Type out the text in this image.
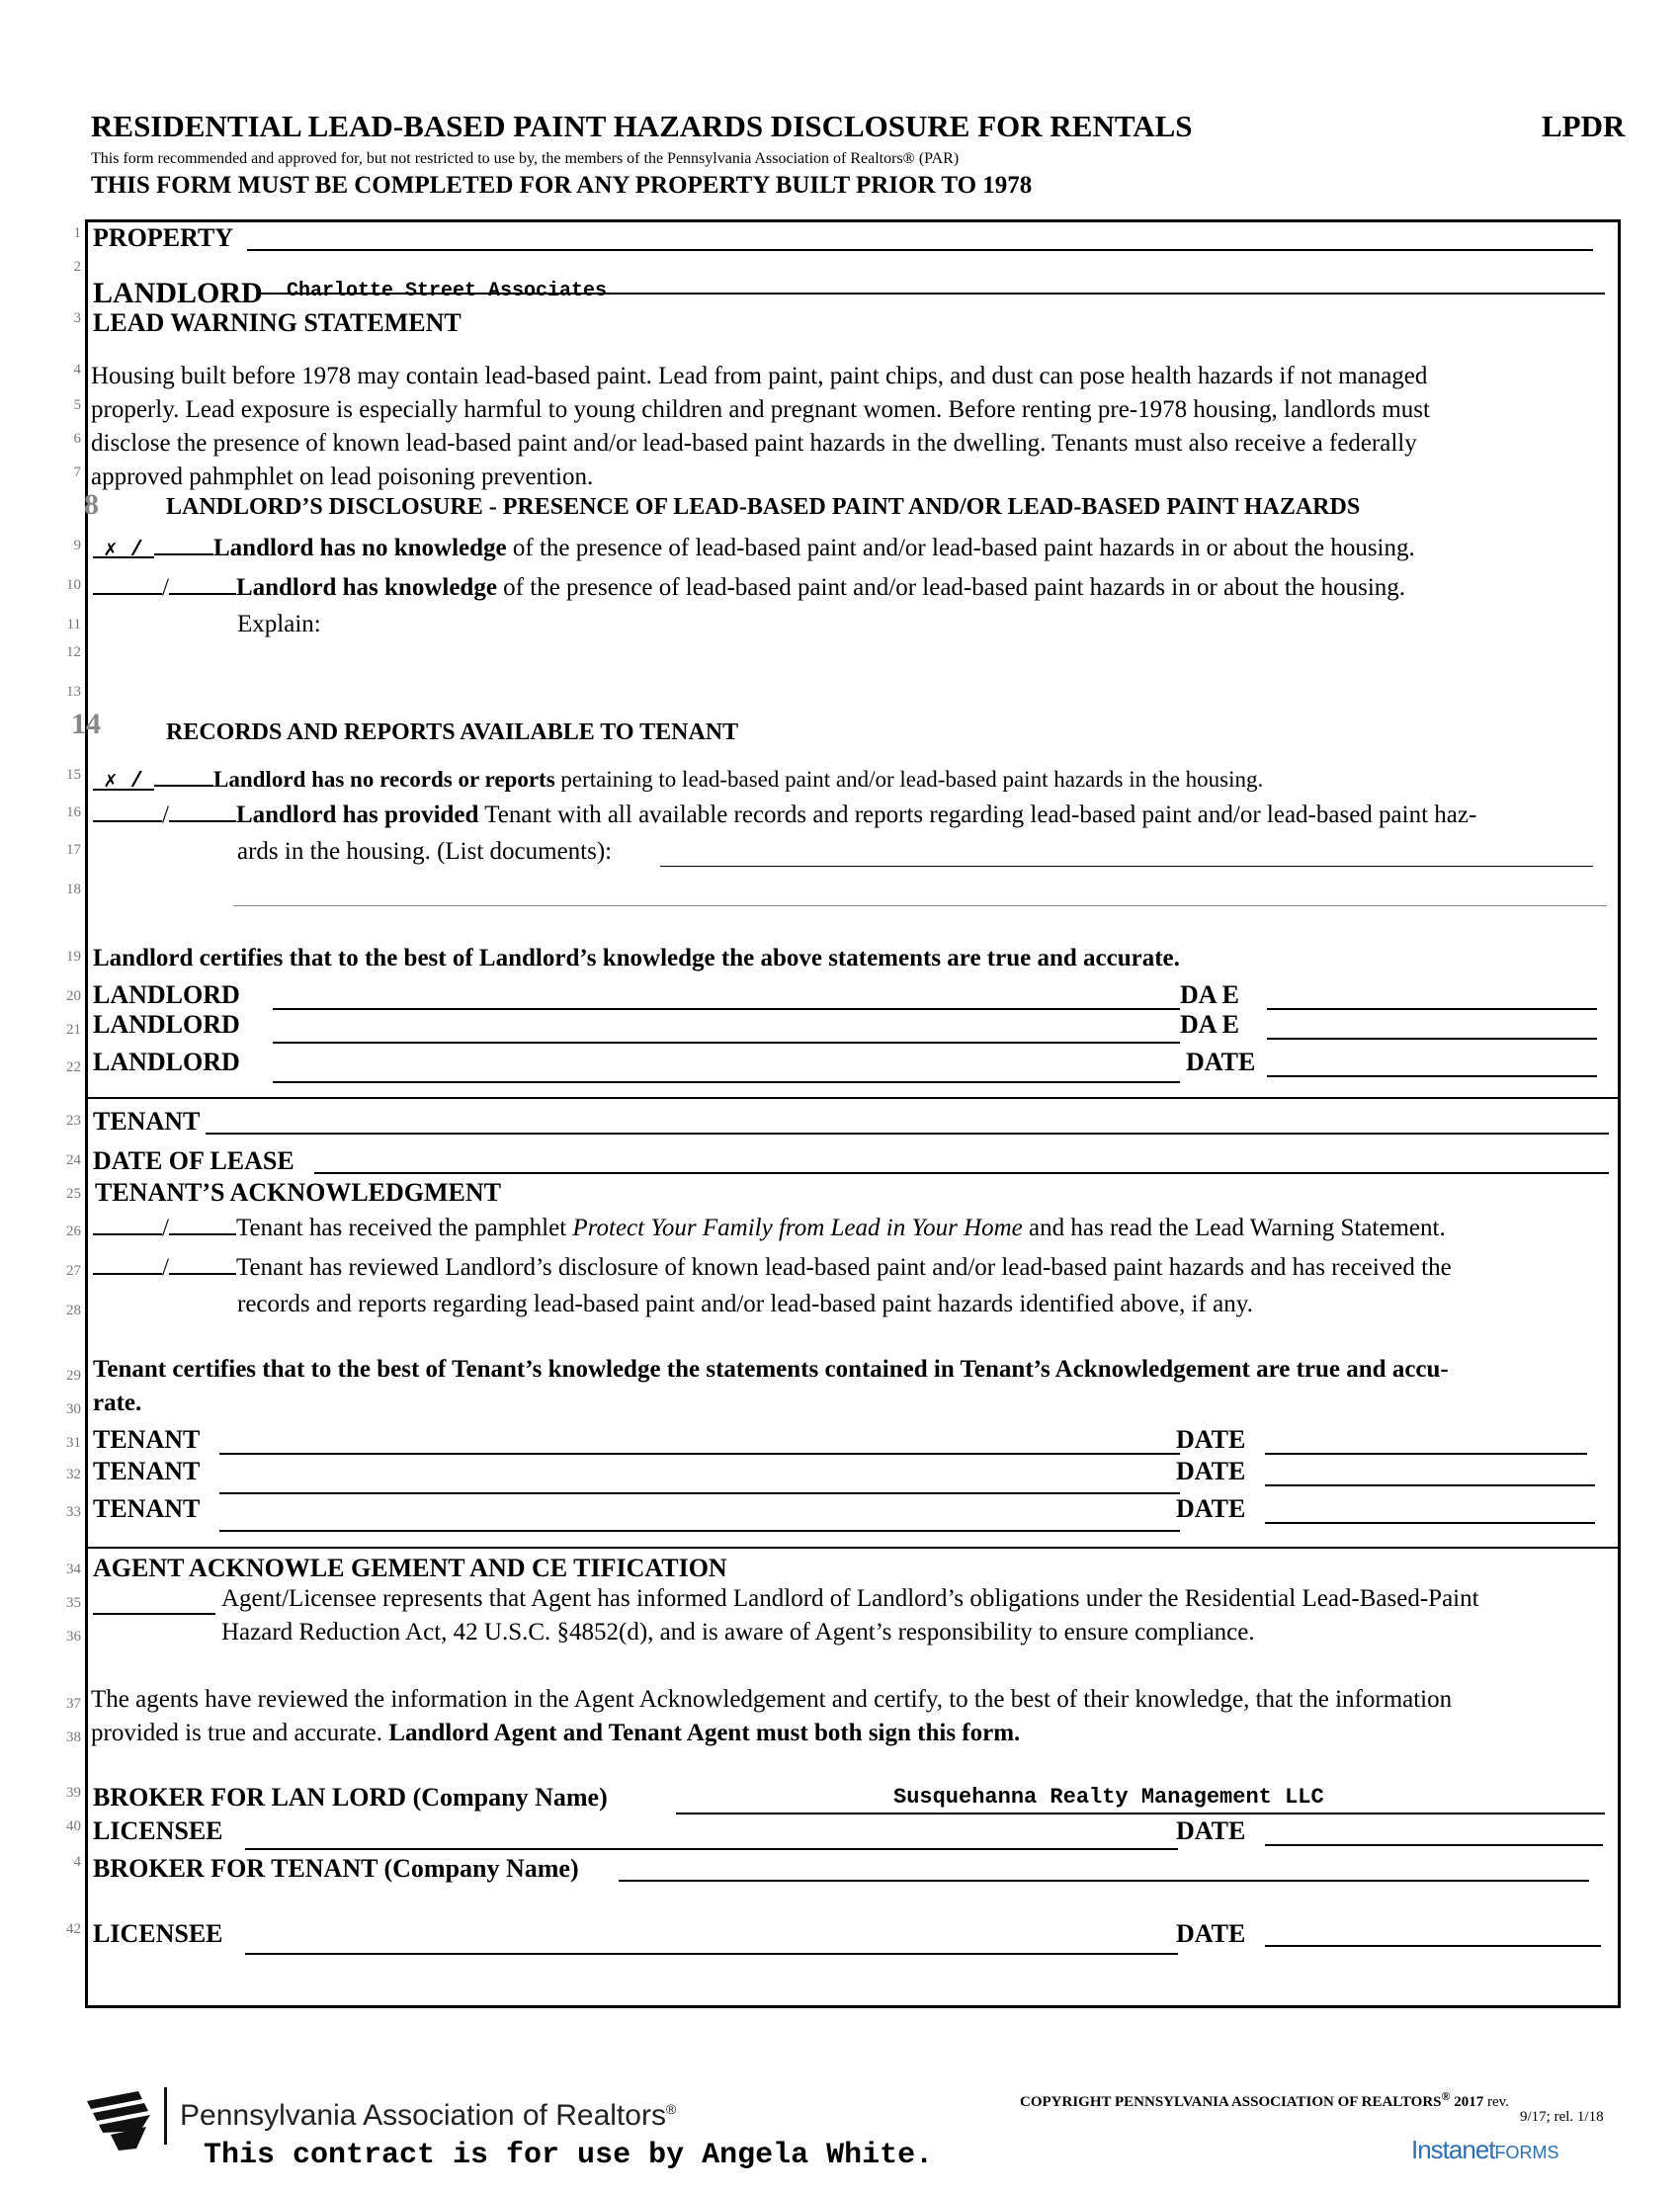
RESIDENTIAL LEAD-BASED PAINT HAZARDS DISCLOSURE FOR RENTALS	LPDR
This form recommended and approved for, but not restricted to use by, the members of the Pennsylvania Association of Realtors® (PAR)
THIS FORM MUST BE COMPLETED FOR ANY PROPERTY BUILT PRIOR TO 1978
1
2
3
4
5
6
7
8
9
10
11
12
13
14
15
16
17
18
19
20
21
22
23
24
25
26
27
28
29
30
31
32
33
34
35
36
37
38
39
40
4
42
PROPERTY
LANDLORD Charlotte Street Associates
LEAD WARNING STATEMENT
Housing built before 1978 may contain lead-based paint. Lead from paint, paint chips, and dust can pose health hazards if not managed
properly. Lead exposure is especially harmful to young children and pregnant women. Before renting pre-1978 housing, landlords must
disclose the presence of known lead-based paint and/or lead-based paint hazards in the dwelling. Tenants must also receive a federally
approved pahmphlet on lead poisoning prevention.
LANDLORD’S DISCLOSURE - PRESENCE OF LEAD-BASED PAINT AND/OR LEAD-BASED PAINT HAZARDS
✗ /	Landlord has no knowledge of the presence of lead-based paint and/or lead-based paint hazards in or about the housing.
/	Landlord has knowledge of the presence of lead-based paint and/or lead-based paint hazards in or about the housing.
Explain:
RECORDS AND REPORTS AVAILABLE TO TENANT
✗ /	Landlord has no records or reports pertaining to lead-based paint and/or lead-based paint hazards in the housing.
/	Landlord has provided Tenant with all available records and reports regarding lead-based paint and/or lead-based paint haz-
ards in the housing. (List documents):
Landlord certifies that to the best of Landlord’s knowledge the above statements are true and accurate.
LANDLORD	DA E
LANDLORD	DA E
LANDLORD	DATE
TENANT
DATE OF LEASE
TENANT’S ACKNOWLEDGMENT
/	Tenant has received the pamphlet Protect Your Family from Lead in Your Home and has read the Lead Warning Statement.
/	Tenant has reviewed Landlord’s disclosure of known lead-based paint and/or lead-based paint hazards and has received the
records and reports regarding lead-based paint and/or lead-based paint hazards identified above, if any.
Tenant certifies that to the best of Tenant’s knowledge the statements contained in Tenant’s Acknowledgement are true and accu-
rate.
TENANT	DATE
TENANT	DATE
TENANT	DATE
AGENT ACKNOWLE GEMENT AND CE TIFICATION
Agent/Licensee represents that Agent has informed Landlord of Landlord’s obligations under the Residential Lead-Based-Paint
Hazard Reduction Act, 42 U.S.C. §4852(d), and is aware of Agent’s responsibility to ensure compliance.
The agents have reviewed the information in the Agent Acknowledgement and certify, to the best of their knowledge, that the information
provided is true and accurate. Landlord Agent and Tenant Agent must both sign this form.
BROKER FOR LAN LORD (Company Name)	Susquehanna Realty Management LLC
LICENSEE	DATE
BROKER FOR TENANT (Company Name)
LICENSEE	DATE
Pennsylvania Association of Realtors®
This contract is for use by Angela White.
COPYRIGHT PENNSYLVANIA ASSOCIATION OF REALTORS® 2017 rev.
9/17; rel. 1/18
InstanetFORMS
